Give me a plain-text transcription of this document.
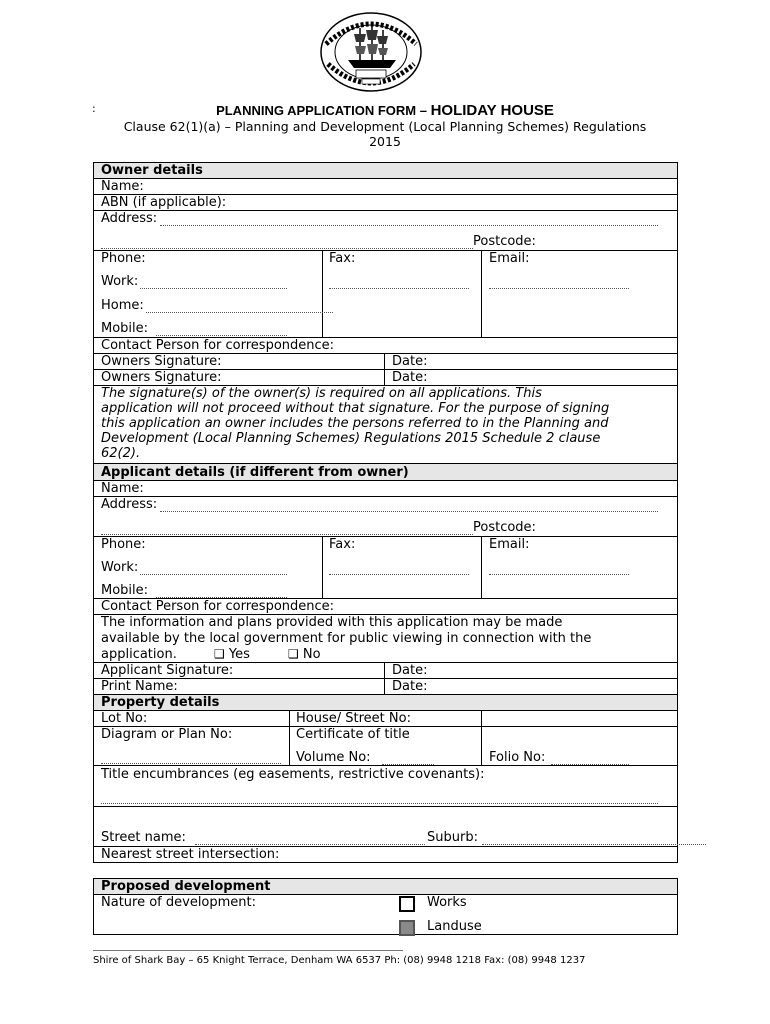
:	PLANNING APPLICATION FORM – HOLIDAY HOUSE
Clause 62(1)(a) – Planning and Development (Local Planning Schemes) Regulations
2015
Owner details
Name:
ABN (if applicable):
Address:
Postcode:
Phone:	Fax:	Email:
Work:
Home:
Mobile:
Contact Person for correspondence:
Owners Signature:	Date:
Owners Signature:	Date:
The signature(s) of the owner(s) is required on all applications. This
application will not proceed without that signature. For the purpose of signing
this application an owner includes the persons referred to in the Planning and
Development (Local Planning Schemes) Regulations 2015 Schedule 2 clause
62(2).
Applicant details (if different from owner)
Name:
Address:
Postcode:
Phone:	Fax:	Email:
Work:
Mobile:
Contact Person for correspondence:
The information and plans provided with this application may be made
available by the local government for public viewing in connection with the
application.	❑ Yes	❑ No
Applicant Signature:	Date:
Print Name:	Date:
Property details
Lot No:	House/ Street No:
Diagram or Plan No:	Certificate of title
Volume No:	Folio No:
Title encumbrances (eg easements, restrictive covenants):
Street name:	Suburb:
Nearest street intersection:
Proposed development
Nature of development:	Works
Landuse
Shire of Shark Bay – 65 Knight Terrace, Denham WA 6537 Ph: (08) 9948 1218 Fax: (08) 9948 1237
